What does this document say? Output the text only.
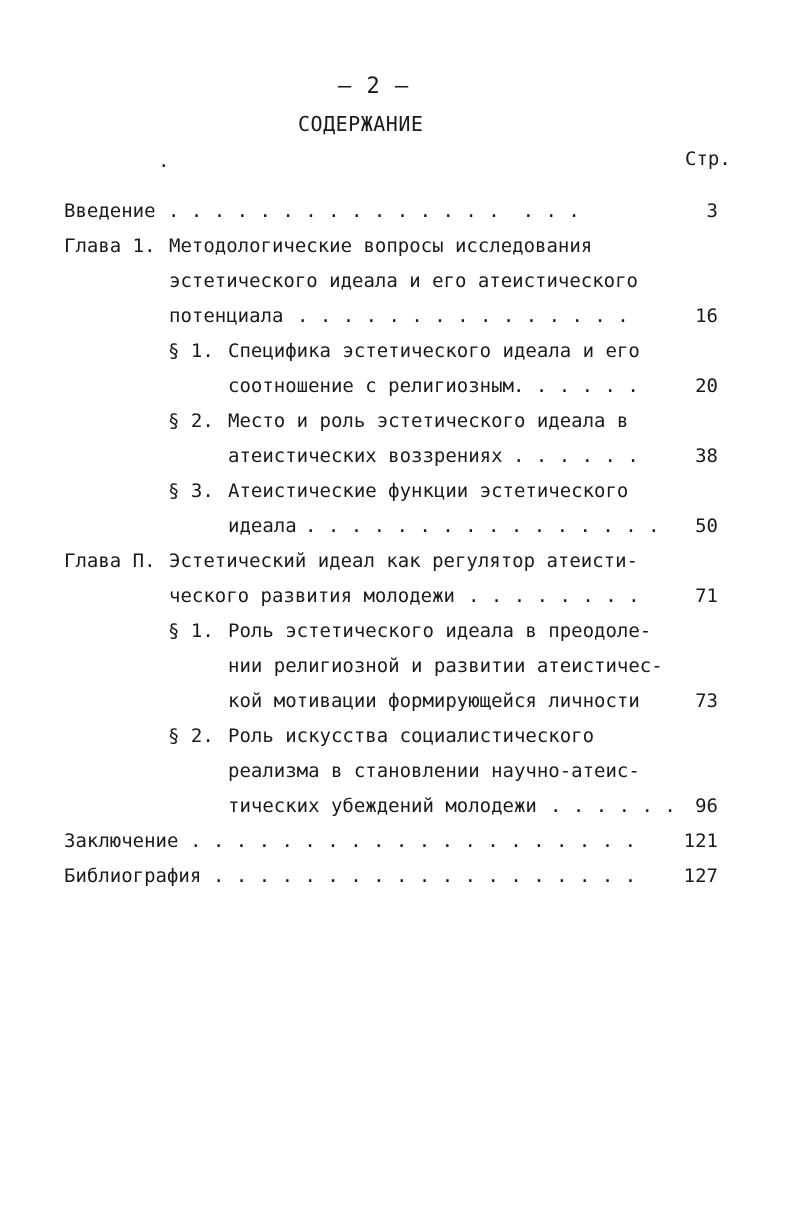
– 2 –
СОДЕРЖАНИЕ
.	Стр.
Введение . . . . . . . . . . . . . . .  . . .	3
Глава 1. Методологические вопросы исследования
эстетического идеала и его атеистического
потенциала . . . . . . . . . . . . . . .	16
§ 1. Специфика эстетического идеала и его
соотношение с религиозным . . . . . .	20
§ 2. Место и роль эстетического идеала в
атеистических воззрениях . . . . . .	38
§ 3. Атеистические функции эстетического
идеала . . . . . . . . . . . . . . . . 50
Глава П. Эстетический идеал как регулятор атеисти-
ческого развития молодежи . . . . . . . .	71
§ 1. Роль эстетического идеала в преодоле-
нии религиозной и развитии атеистичес-
кой мотивации формирующейся личности	73
§ 2. Роль искусства социалистического
реализма в становлении научно-атеис-
тических убеждений молодежи . . . . . . 96
Заключение . . . . . . . . . . . . . . . . . . . .	121
Библиография . . . . . . . . . . . . . . . . . . . 127
